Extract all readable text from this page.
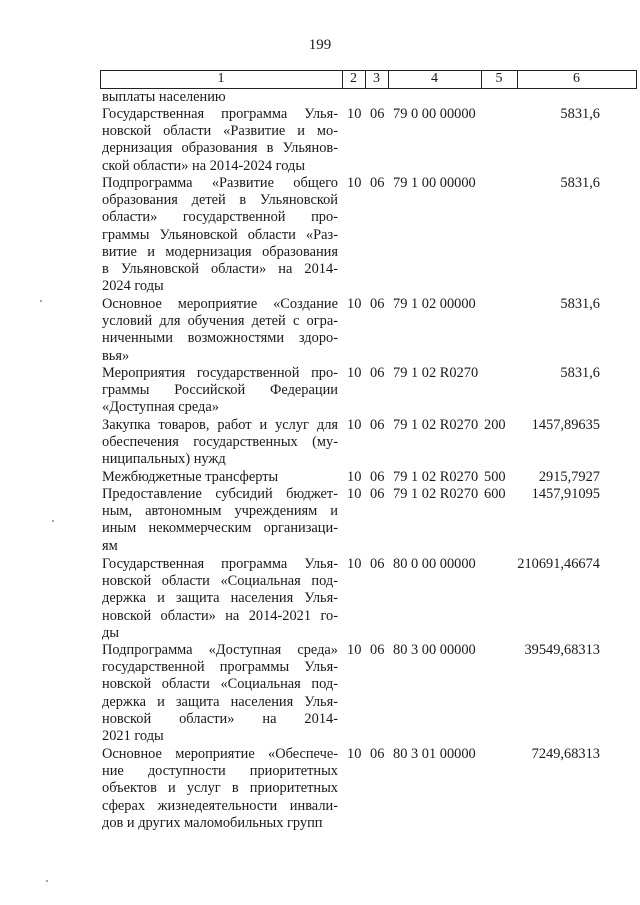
199
1	2	3	4	5	6
выплаты населению
Государственная программа Улья-
новской области «Развитие и мо-
дернизация образования в Ульянов-
ской области» на 2014-2024 годы
10 06 79 0 00 00000	5831,6
Подпрограмма «Развитие общего
образования детей в Ульяновской
области» государственной про-
граммы Ульяновской области «Раз-
витие и модернизация образования
в Ульяновской области» на 2014-
2024 годы
10 06 79 1 00 00000	5831,6
Основное мероприятие «Создание
условий для обучения детей с огра-
ниченными возможностями здоро-
вья»
10 06 79 1 02 00000	5831,6
Мероприятия государственной про-
граммы Российской Федерации
«Доступная среда»
10 06 79 1 02 R0270	5831,6
Закупка товаров, работ и услуг для
обеспечения государственных (му-
ниципальных) нужд
10 06 79 1 02 R0270 200 1457,89635
Межбюджетные трансферты	10 06 79 1 02 R0270 500 2915,7927
Предоставление субсидий бюджет-
ным, автономным учреждениям и
иным некоммерческим организаци-
ям
10 06 79 1 02 R0270 600 1457,91095
Государственная программа Улья-
новской области «Социальная под-
держка и защита населения Улья-
новской области» на 2014-2021 го-
ды
10 06 80 0 00 00000	210691,46674
Подпрограмма «Доступная среда»
государственной программы Улья-
новской области «Социальная под-
держка и защита населения Улья-
новской области» на 2014-
2021 годы
10 06 80 3 00 00000	39549,68313
Основное мероприятие «Обеспече-
ние доступности приоритетных
объектов и услуг в приоритетных
сферах жизнедеятельности инвали-
дов и других маломобильных групп
10 06 80 3 01 00000	7249,68313
